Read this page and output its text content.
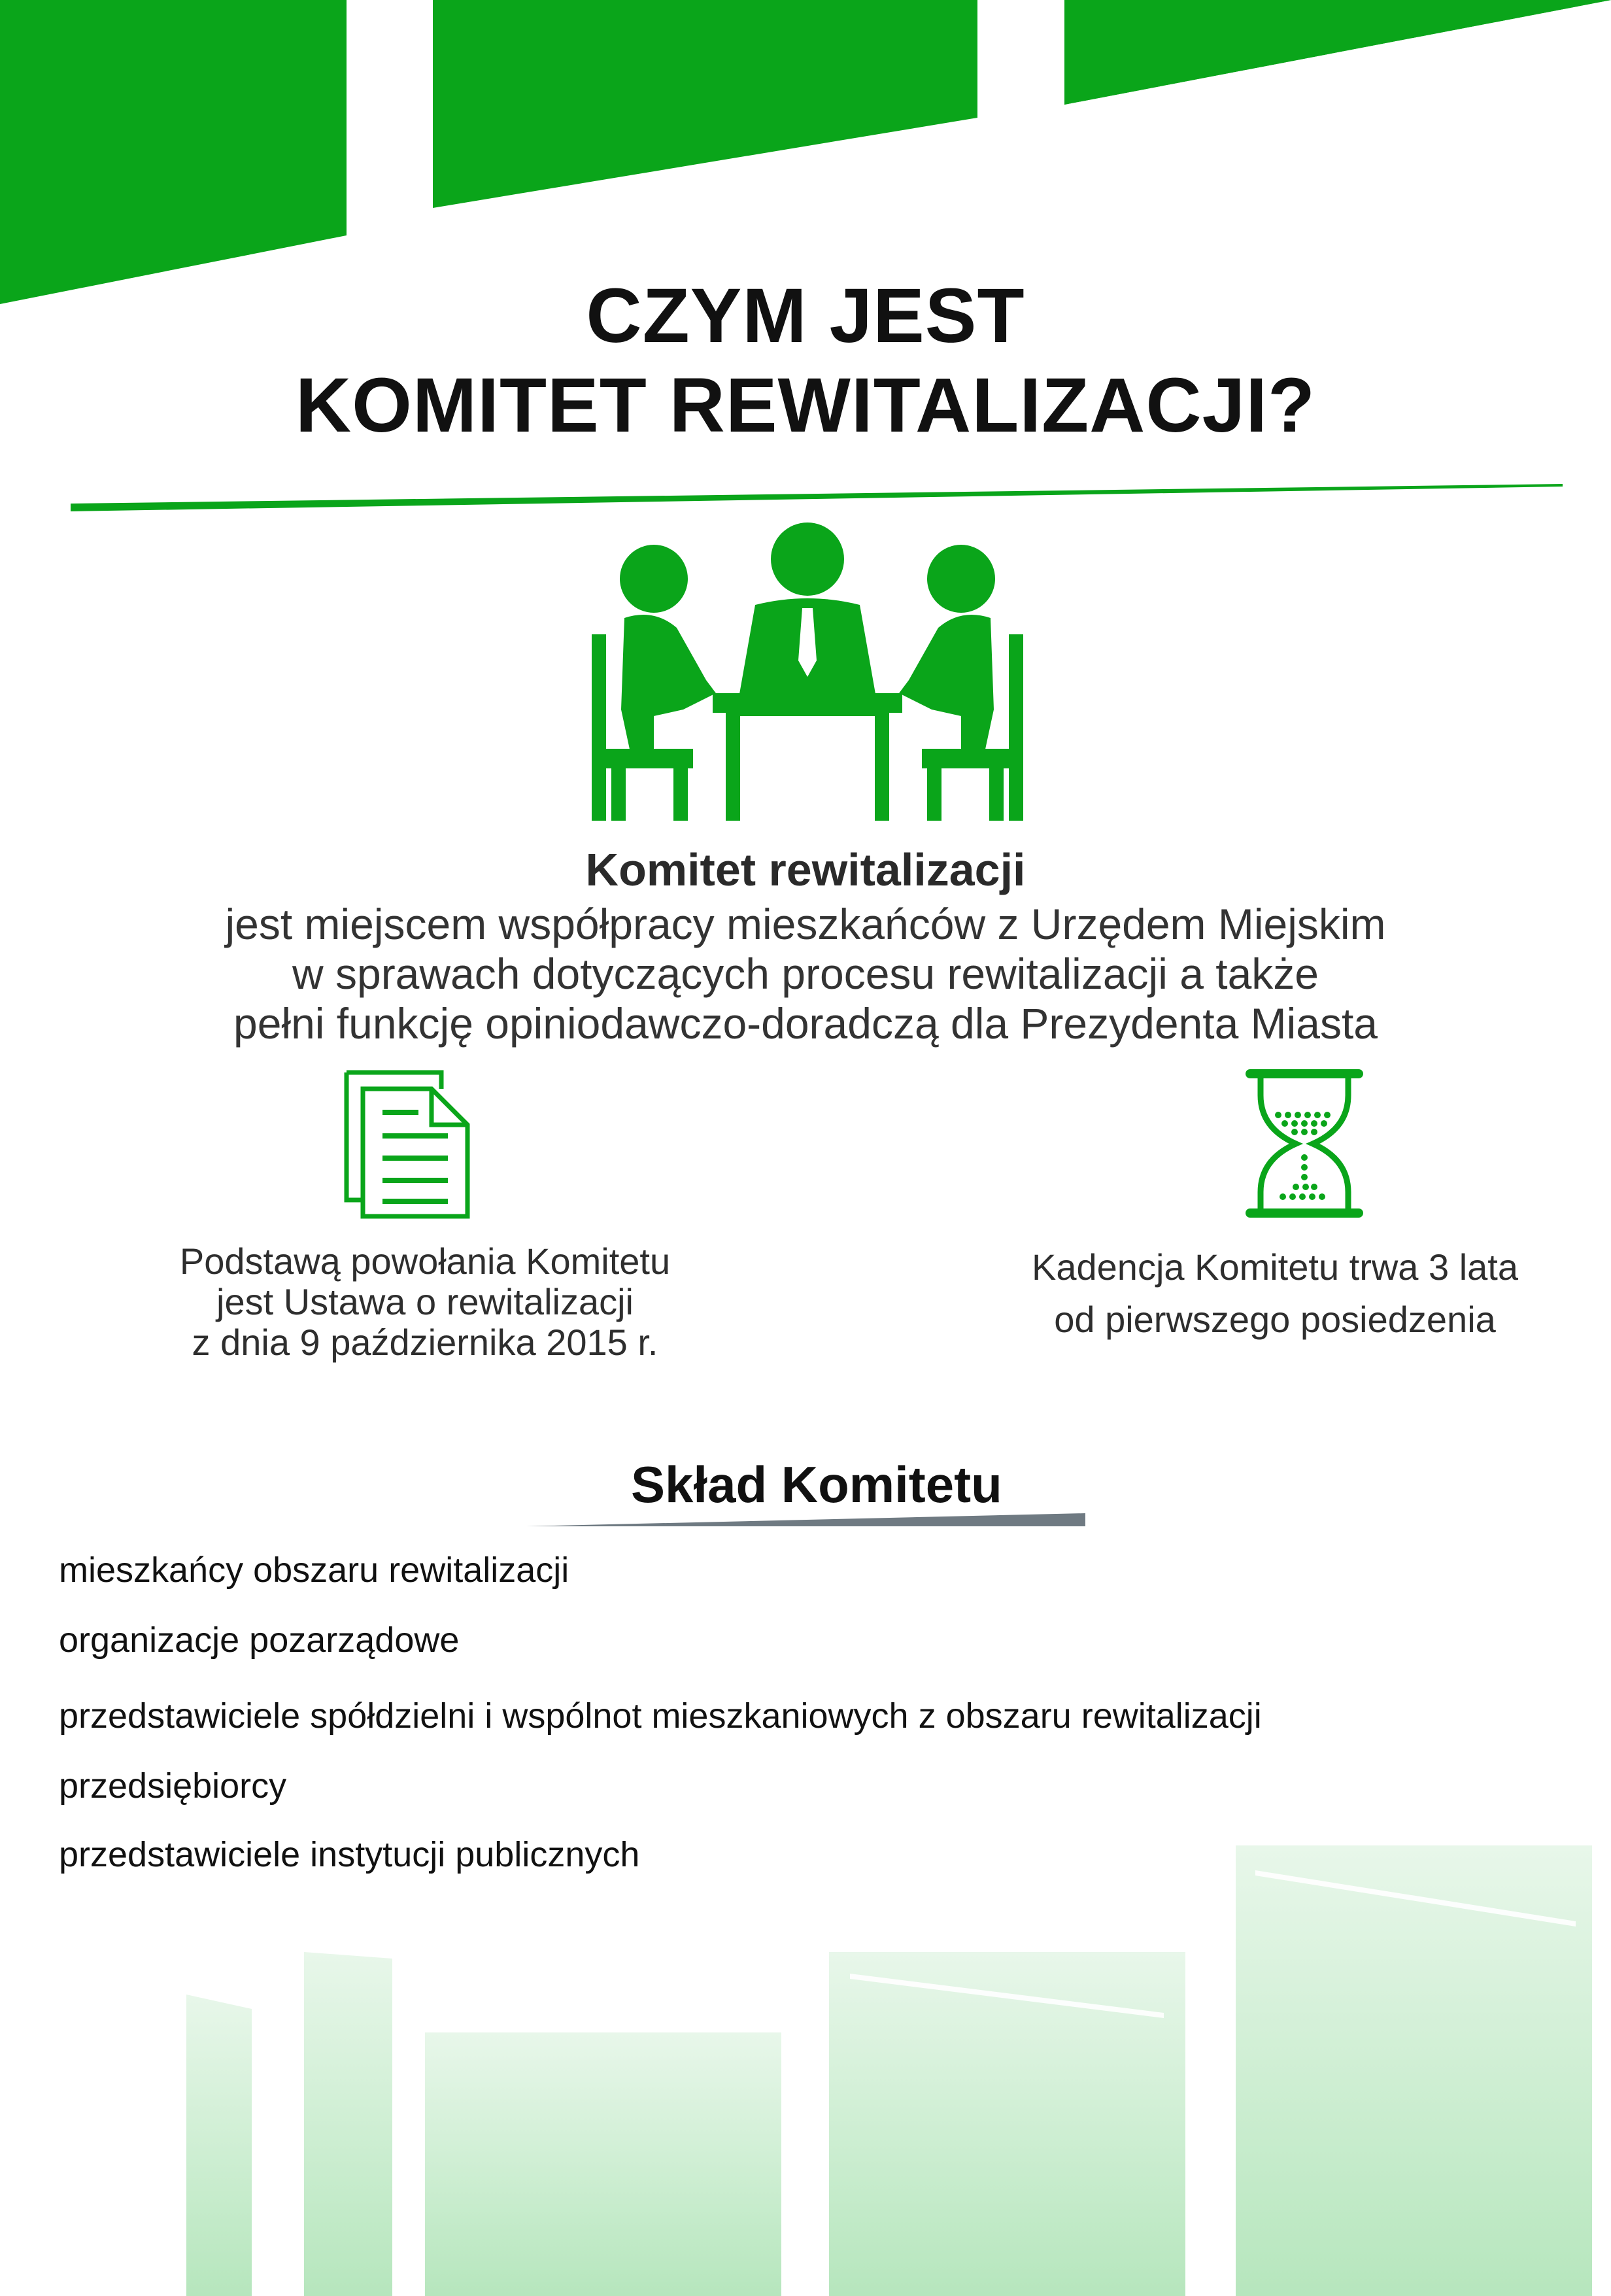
CZYM JEST
KOMITET REWITALIZACJI?
Komitet rewitalizacji
jest miejscem współpracy mieszkańców z Urzędem Miejskim
w sprawach dotyczących procesu rewitalizacji a także
pełni funkcję opiniodawczo-doradczą dla Prezydenta Miasta
Podstawą powołania Komitetu
jest Ustawa o rewitalizacji
z dnia 9 października 2015 r.
Kadencja Komitetu trwa 3 lata
od pierwszego posiedzenia
Skład Komitetu
mieszkańcy obszaru rewitalizacji
organizacje pozarządowe
przedstawiciele spółdzielni i wspólnot mieszkaniowych z obszaru rewitalizacji
przedsiębiorcy
przedstawiciele instytucji publicznych
